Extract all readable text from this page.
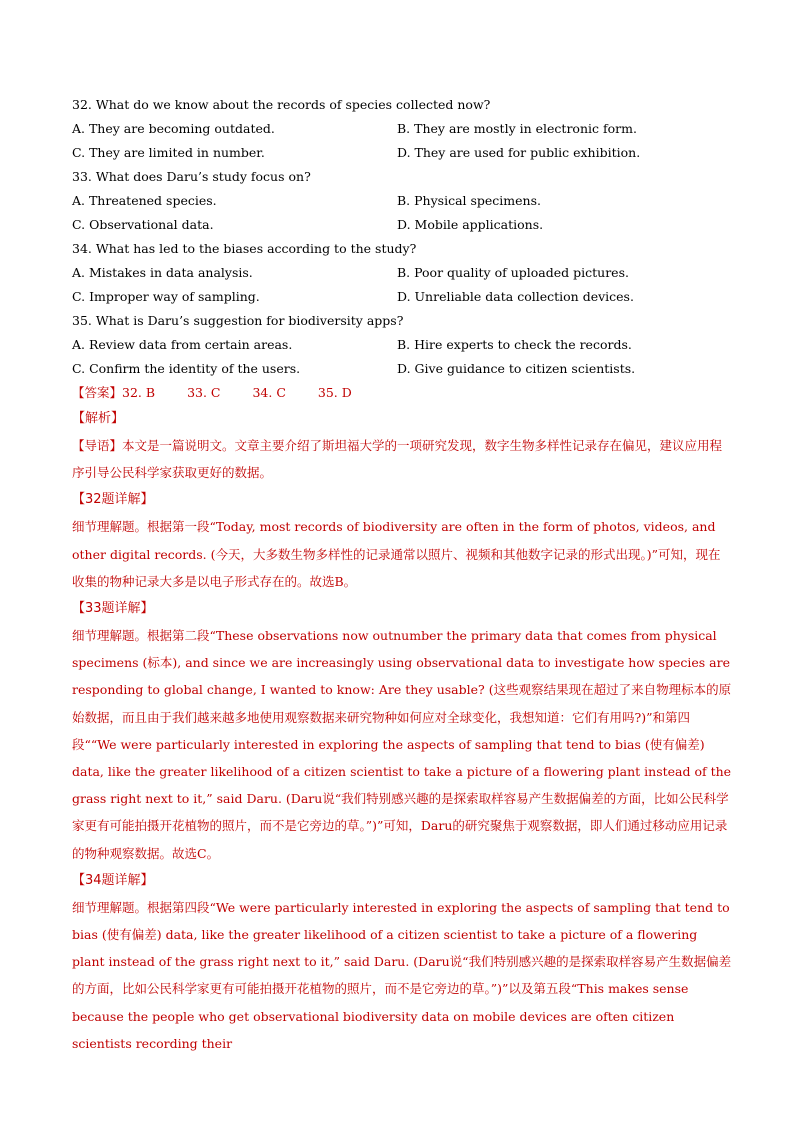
32. What do we know about the records of species collected now?
A. They are becoming outdated.	B. They are mostly in electronic form.
C. They are limited in number.	D. They are used for public exhibition.
33. What does Daru’s study focus on?
A. Threatened species.	B. Physical specimens.
C. Observational data.	D. Mobile applications.
34. What has led to the biases according to the study?
A. Mistakes in data analysis.	B. Poor quality of uploaded pictures.
C. Improper way of sampling.	D. Unreliable data collection devices.
35. What is Daru’s suggestion for biodiversity apps?
A. Review data from certain areas.	B. Hire experts to check the records.
C. Confirm the identity of the users.	D. Give guidance to citizen scientists.
【答案】 32. B	33. C	34. C	35. D
【解析】
【导语】本文是一篇说明文。文章主要介绍了斯坦福大学的一项研究发现，数字生物多样性记录存在偏见，建议应用程序引导公民科学家获取更好的数据。
【32题详解】
细节理解题。根据第一段“Today, most records of biodiversity are often in the form of photos, videos, and other digital records. (今天，大多数生物多样性的记录通常以照片、视频和其他数字记录的形式出现。)”可知，现在收集的物种记录大多是以电子形式存在的。故选B。
【33题详解】
细节理解题。根据第二段“These observations now outnumber the primary data that comes from physical specimens (标本), and since we are increasingly using observational data to investigate how species are responding to global change, I wanted to know: Are they usable? (这些观察结果现在超过了来自物理标本的原始数据，而且由于我们越来越多地使用观察数据来研究物种如何应对全球变化，我想知道：它们有用吗?)”和第四段““We were particularly interested in exploring the aspects of sampling that tend to bias (使有偏差) data, like the greater likelihood of a citizen scientist to take a picture of a flowering plant instead of the grass right next to it,” said Daru. (Daru说“我们特别感兴趣的是探索取样容易产生数据偏差的方面，比如公民科学家更有可能拍摄开花植物的照片，而不是它旁边的草。”)”可知，Daru的研究聚焦于观察数据，即人们通过移动应用记录的物种观察数据。故选C。
【34题详解】
细节理解题。根据第四段“We were particularly interested in exploring the aspects of sampling that tend to bias (使有偏差) data, like the greater likelihood of a citizen scientist to take a picture of a flowering plant instead of the grass right next to it,” said Daru. (Daru说“我们特别感兴趣的是探索取样容易产生数据偏差的方面，比如公民科学家更有可能拍摄开花植物的照片，而不是它旁边的草。”)”以及第五段“This makes sense because the people who get observational biodiversity data on mobile devices are often citizen scientists recording their
